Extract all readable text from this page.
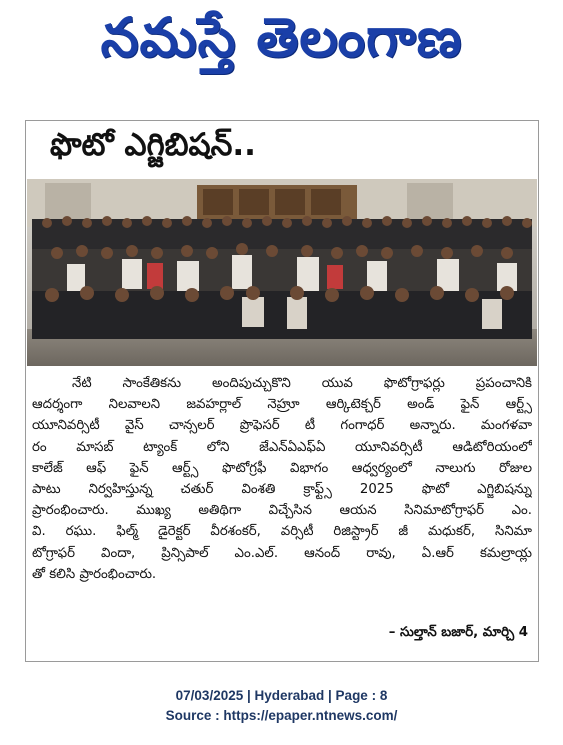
నమస్తే తెలంగాణ
ఫొటో ఎగ్జిబిషన్..
నేటి సాంకేతికను అందిపుచ్చుకొని యువ ఫొటోగ్రాఫర్లు ప్రపంచానికి
ఆదర్శంగా నిలవాలని జవహర్లాల్ నెహ్రూ ఆర్కిటెక్చర్ అండ్ ఫైన్ ఆర్ట్స్
యూనివర్సిటీ వైస్ చాన్సలర్ ప్రొఫెసర్ టీ గంగాధర్ అన్నారు. మంగళవా
రం మాసబ్ ట్యాంక్ లోని జేఎన్ఏఎఫ్ఏ యూనివర్సిటీ ఆడిటోరియంలో
కాలేజ్ ఆఫ్ ఫైన్ ఆర్ట్స్ ఫొటోగ్రఫీ విభాగం ఆధ్వర్యంలో నాలుగు రోజుల
పాటు నిర్వహిస్తున్న చతుర్ వింశతి క్రాఫ్ట్స్ 2025 ఫొటో ఎగ్జిబిషన్ను
ప్రారంభించారు. ముఖ్య అతిథిగా విచ్చేసిన ఆయన సినిమాటోగ్రాఫర్ ఎం.
వి. రఘు. ఫిల్మ్ డైరెక్టర్ వీరశంకర్, వర్సిటీ రిజిస్ట్రార్ జీ మధుకర్, సినిమా
టోగ్రాఫర్ విందా, ప్రిన్సిపాల్ ఎం.ఎల్. ఆనంద్ రావు, ఏ.ఆర్ కమల్రాయ్ల
తో కలిసి ప్రారంభించారు.
– సుల్తాన్ బజార్, మార్చి 4
07/03/2025 | Hyderabad | Page : 8
Source : https://epaper.ntnews.com/
